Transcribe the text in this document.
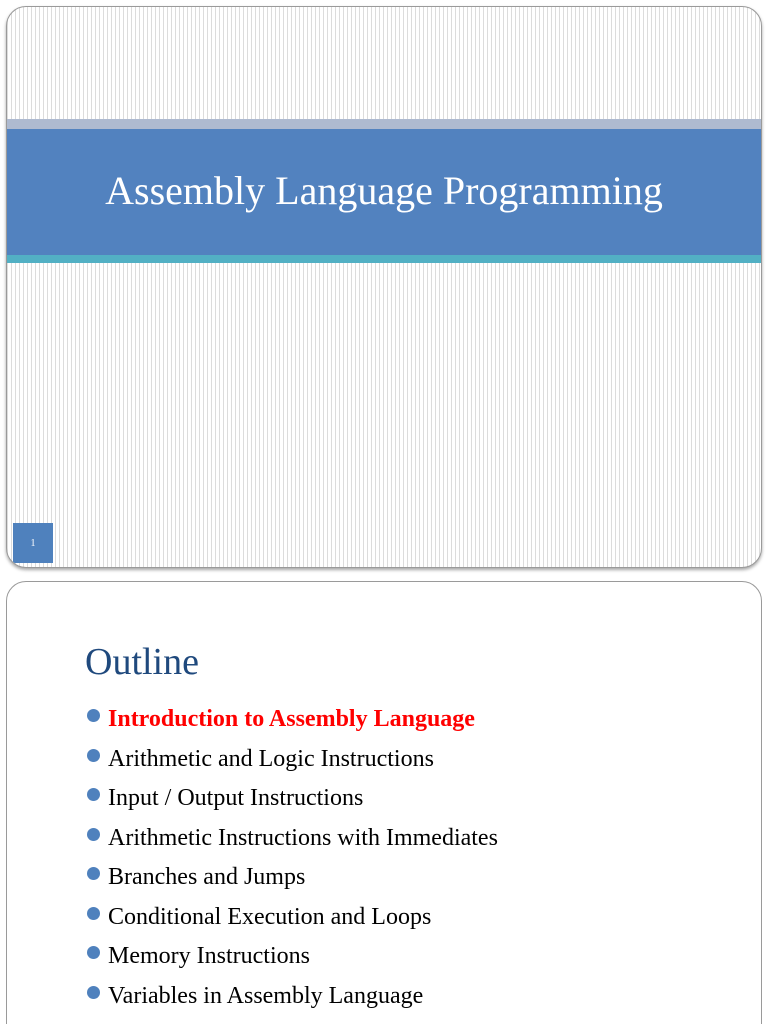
Assembly Language Programming
1
Outline
Introduction to Assembly Language
Arithmetic and Logic Instructions
Input / Output Instructions
Arithmetic Instructions with Immediates
Branches and Jumps
Conditional Execution and Loops
Memory Instructions
Variables in Assembly Language
